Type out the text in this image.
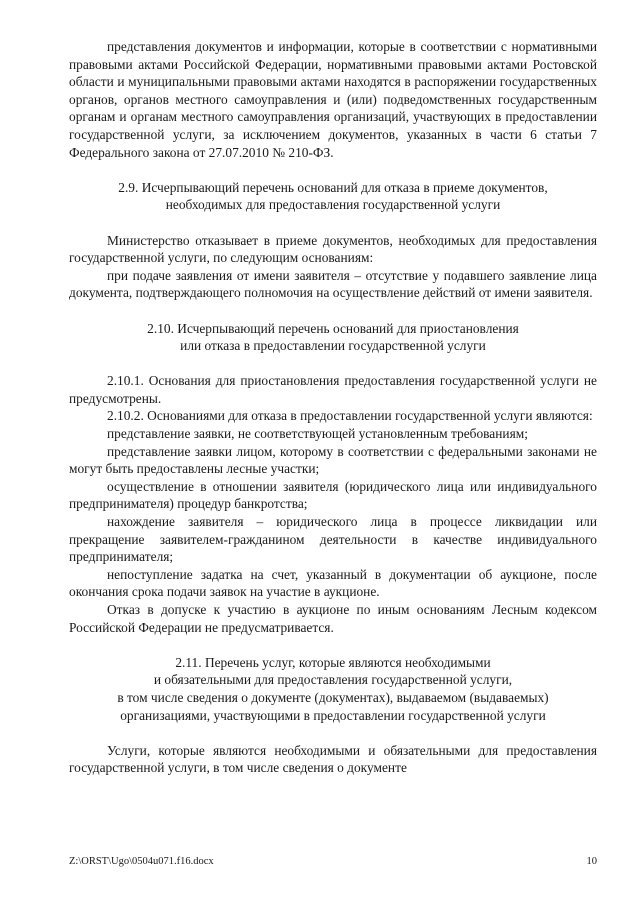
представления документов и информации, которые в соответствии с нормативными правовыми актами Российской Федерации, нормативными правовыми актами Ростовской области и муниципальными правовыми актами находятся в распоряжении государственных органов, органов местного самоуправления и (или) подведомственных государственным органам и органам местного самоуправления организаций, участвующих в предоставлении государственной услуги, за исключением документов, указанных в части 6 статьи 7 Федерального закона от 27.07.2010 № 210-ФЗ.

2.9. Исчерпывающий перечень оснований для отказа в приеме документов,
необходимых для предоставления государственной услуги

Министерство отказывает в приеме документов, необходимых для предоставления государственной услуги, по следующим основаниям:

при подаче заявления от имени заявителя – отсутствие у подавшего заявление лица документа, подтверждающего полномочия на осуществление действий от имени заявителя.

2.10. Исчерпывающий перечень оснований для приостановления
или отказа в предоставлении государственной услуги

2.10.1. Основания для приостановления предоставления государственной услуги не предусмотрены.

2.10.2. Основаниями для отказа в предоставлении государственной услуги являются:

представление заявки, не соответствующей установленным требованиям;

представление заявки лицом, которому в соответствии с федеральными законами не могут быть предоставлены лесные участки;

осуществление в отношении заявителя (юридического лица или индивидуального предпринимателя) процедур банкротства;

нахождение заявителя – юридического лица в процессе ликвидации или прекращение заявителем-гражданином деятельности в качестве индивидуального предпринимателя;

непоступление задатка на счет, указанный в документации об аукционе, после окончания срока подачи заявок на участие в аукционе.

Отказ в допуске к участию в аукционе по иным основаниям Лесным кодексом Российской Федерации не предусматривается.

2.11. Перечень услуг, которые являются необходимыми
и обязательными для предоставления государственной услуги,
в том числе сведения о документе (документах), выдаваемом (выдаваемых)
организациями, участвующими в предоставлении государственной услуги

Услуги, которые являются необходимыми и обязательными для предоставления государственной услуги, в том числе сведения о документе

Z:\ORST\Ugo\0504u071.f16.docx	10
